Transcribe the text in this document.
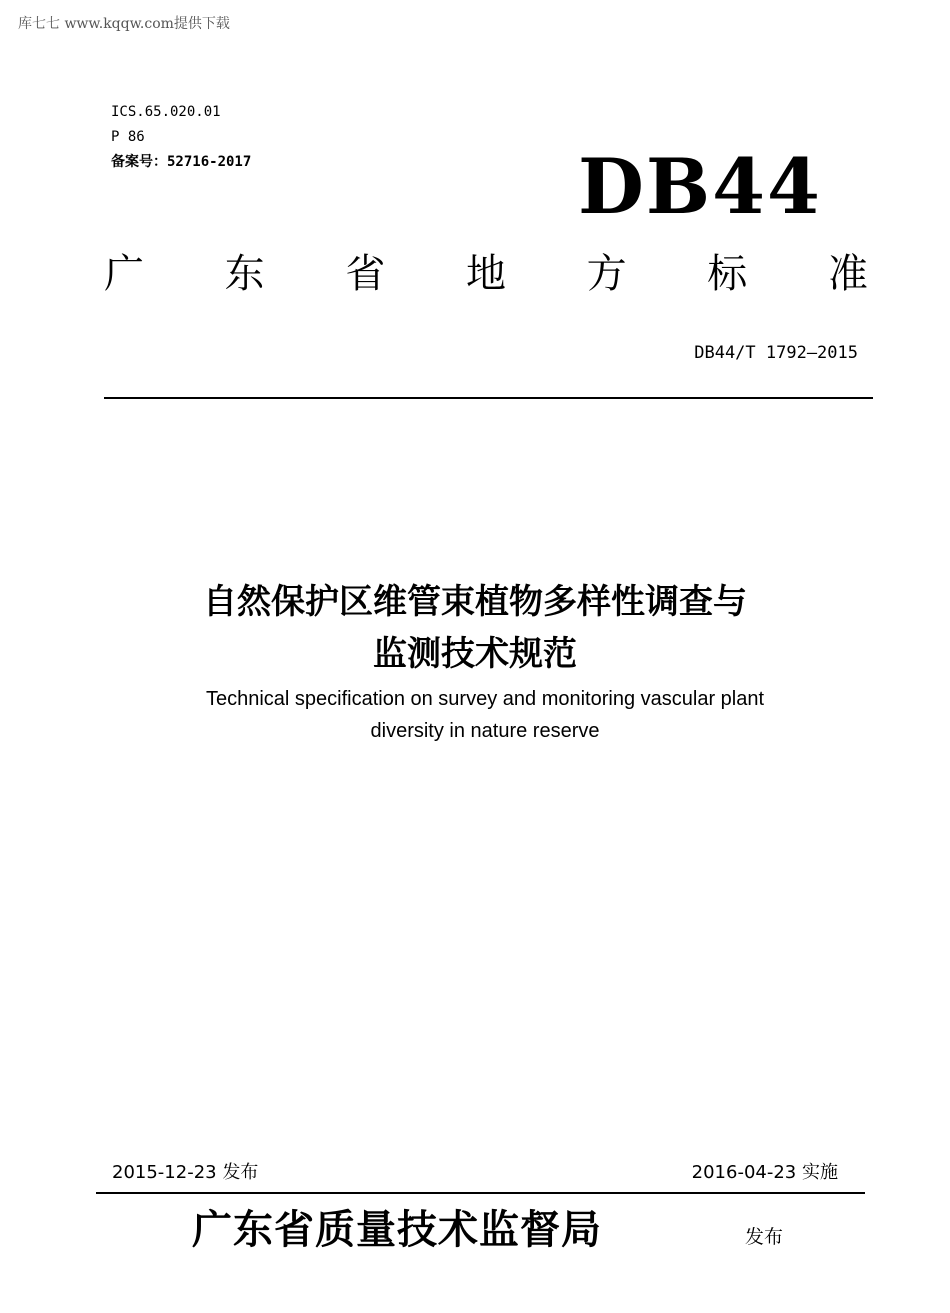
库七七 www.kqqw.com提供下载
ICS.65.020.01
P 86
备案号：52716-2017	DB44
广 东 省 地 方 标 准
DB44/T 1792—2015
自然保护区维管束植物多样性调查与
监测技术规范
Technical specification on survey and monitoring vascular plant
diversity in nature reserve
2015-12-23 发布	2016-04-23 实施
广东省质量技术监督局	发布
